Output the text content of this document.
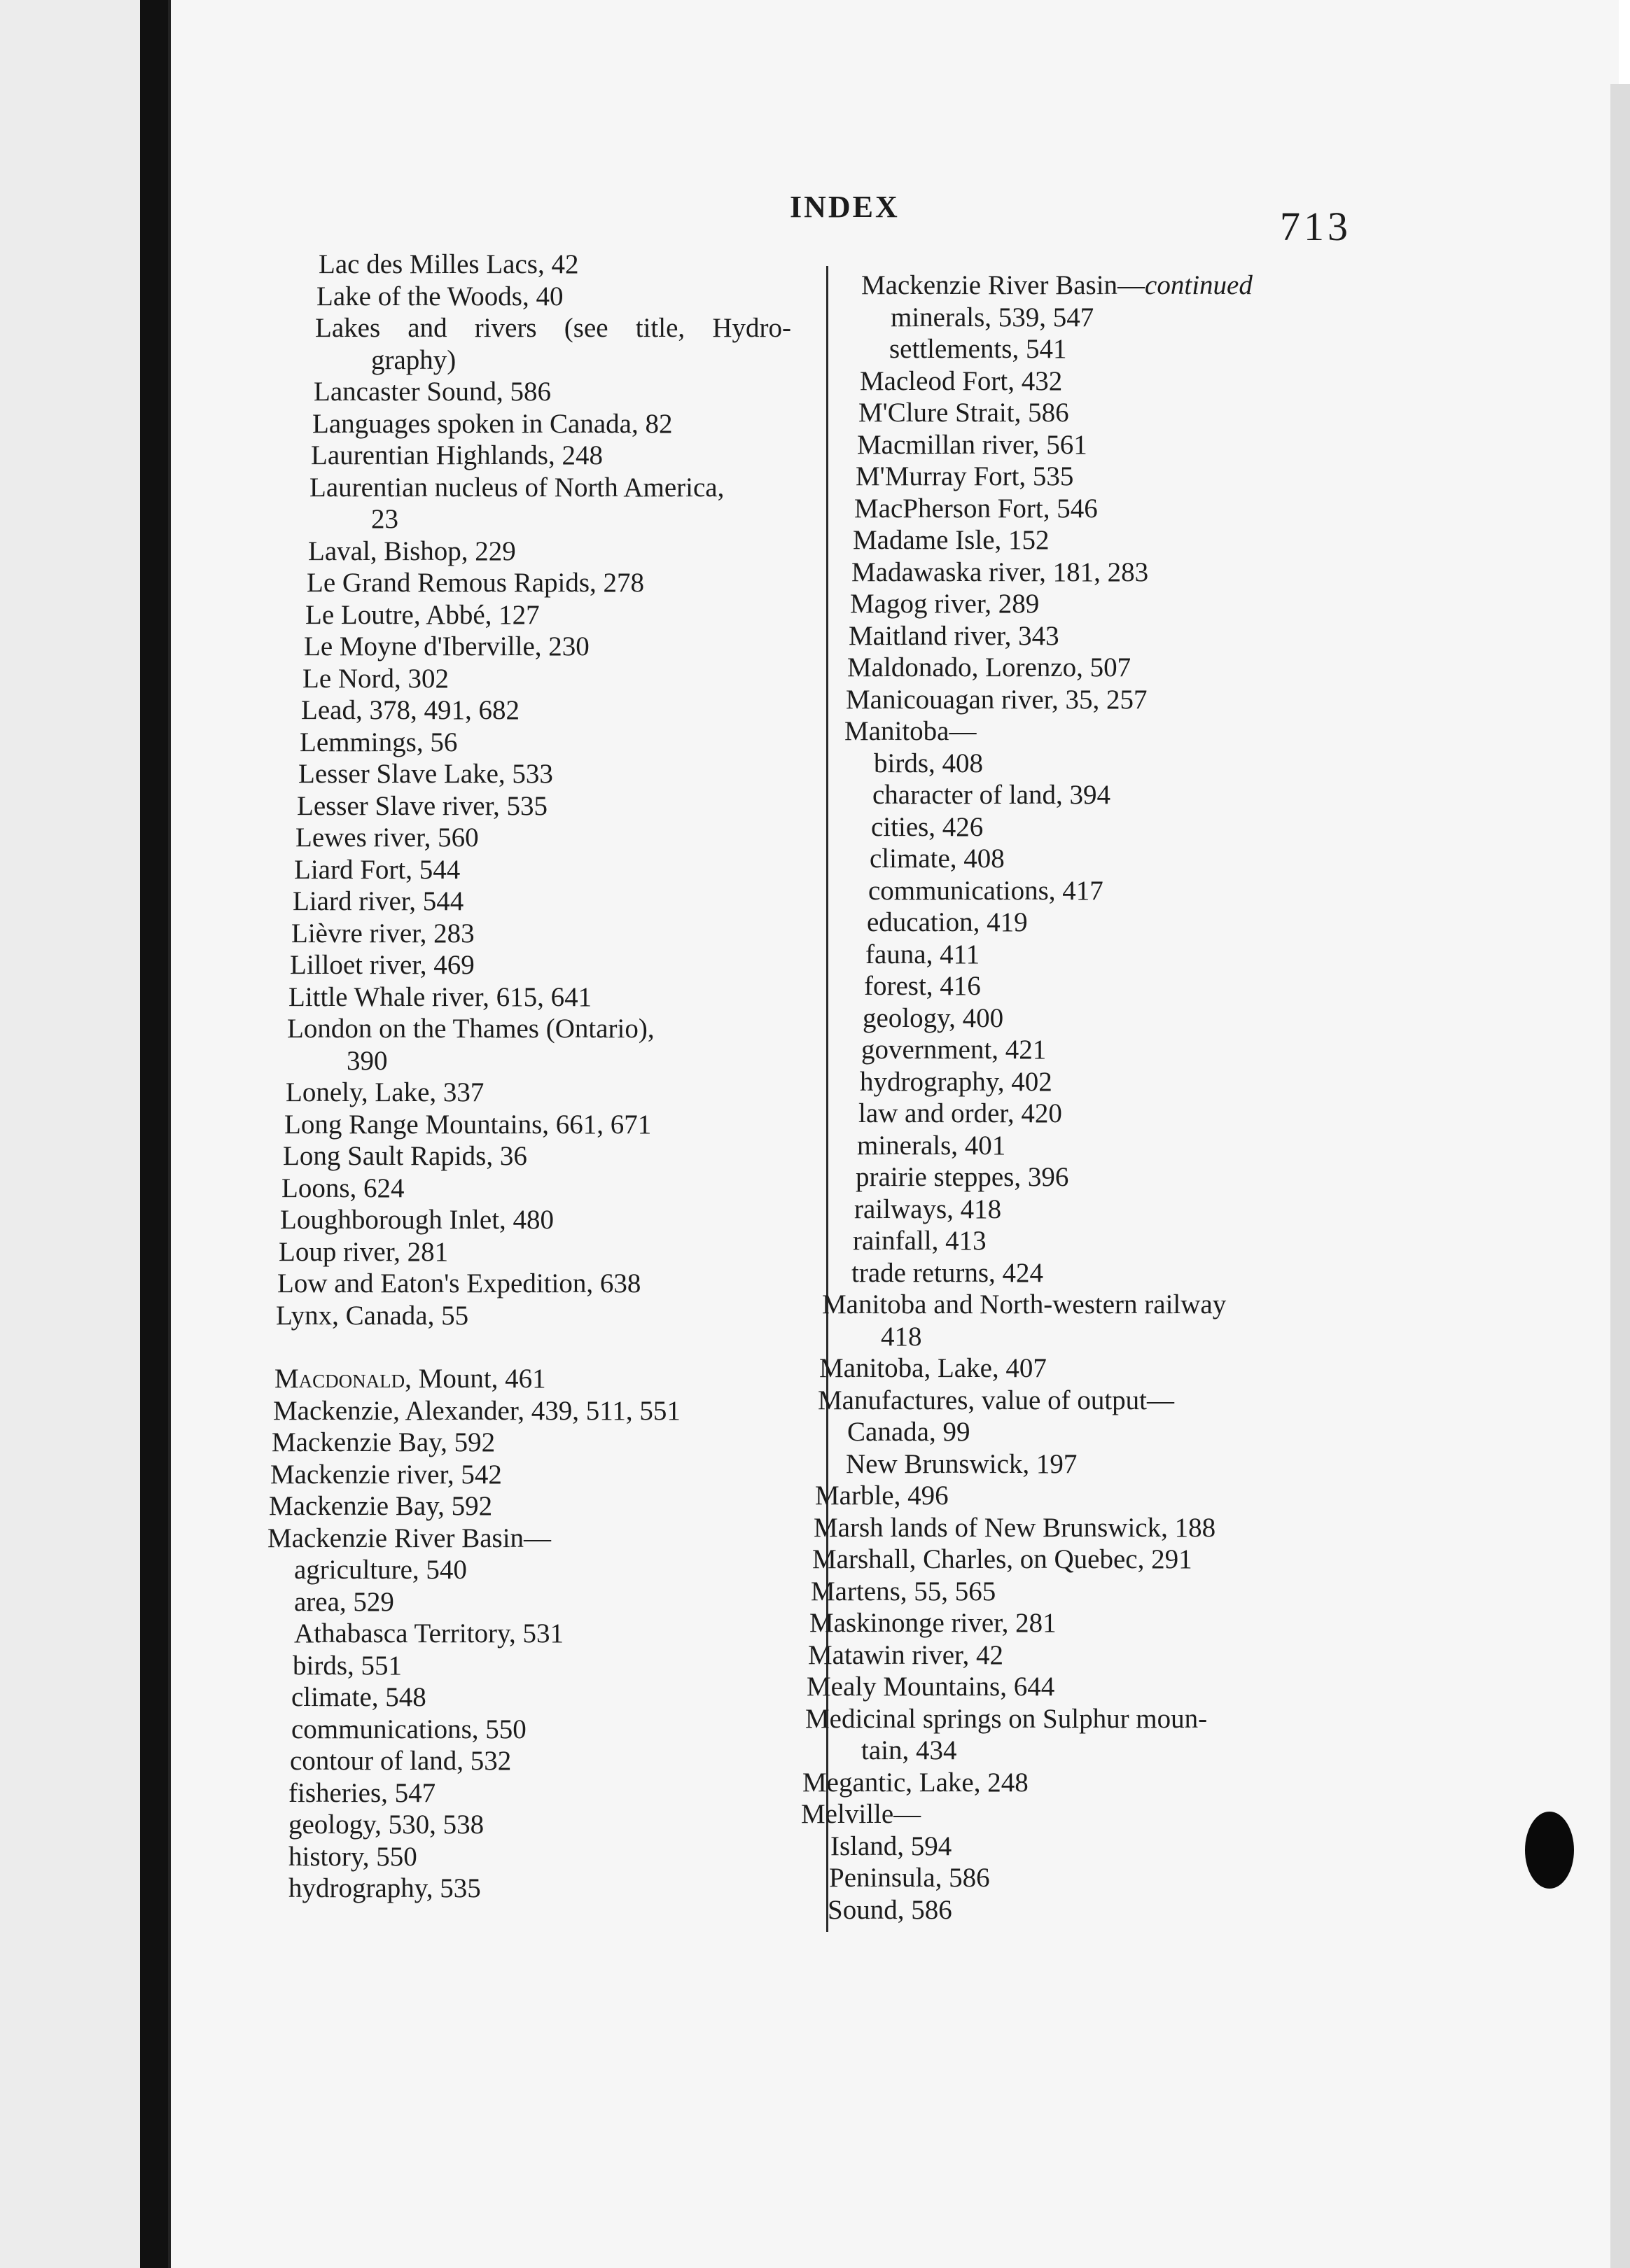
INDEX	713
Lac des Milles Lacs, 42
Lake of the Woods, 40
Lakes and rivers (see title, Hydro-
graphy)
Lancaster Sound, 586
Languages spoken in Canada, 82
Laurentian Highlands, 248
Laurentian nucleus of North America,
23
Laval, Bishop, 229
Le Grand Remous Rapids, 278
Le Loutre, Abbé, 127
Le Moyne d'Iberville, 230
Le Nord, 302
Lead, 378, 491, 682
Lemmings, 56
Lesser Slave Lake, 533
Lesser Slave river, 535
Lewes river, 560
Liard Fort, 544
Liard river, 544
Lièvre river, 283
Lilloet river, 469
Little Whale river, 615, 641
London on the Thames (Ontario),
390
Lonely, Lake, 337
Long Range Mountains, 661, 671
Long Sault Rapids, 36
Loons, 624
Loughborough Inlet, 480
Loup river, 281
Low and Eaton's Expedition, 638
Lynx, Canada, 55
Macdonald, Mount, 461
Mackenzie, Alexander, 439, 511, 551
Mackenzie Bay, 592
Mackenzie river, 542
Mackenzie Bay, 592
Mackenzie River Basin—
agriculture, 540
area, 529
Athabasca Territory, 531
birds, 551
climate, 548
communications, 550
contour of land, 532
fisheries, 547
geology, 530, 538
history, 550
hydrography, 535
Mackenzie River Basin—continued
minerals, 539, 547
settlements, 541
Macleod Fort, 432
M'Clure Strait, 586
Macmillan river, 561
M'Murray Fort, 535
MacPherson Fort, 546
Madame Isle, 152
Madawaska river, 181, 283
Magog river, 289
Maitland river, 343
Maldonado, Lorenzo, 507
Manicouagan river, 35, 257
Manitoba—
birds, 408
character of land, 394
cities, 426
climate, 408
communications, 417
education, 419
fauna, 411
forest, 416
geology, 400
government, 421
hydrography, 402
law and order, 420
minerals, 401
prairie steppes, 396
railways, 418
rainfall, 413
trade returns, 424
Manitoba and North-western railway
418
Manitoba, Lake, 407
Manufactures, value of output—
Canada, 99
New Brunswick, 197
Marble, 496
Marsh lands of New Brunswick, 188
Marshall, Charles, on Quebec, 291
Martens, 55, 565
Maskinonge river, 281
Matawin river, 42
Mealy Mountains, 644
Medicinal springs on Sulphur moun-
tain, 434
Megantic, Lake, 248
Melville—
Island, 594
Peninsula, 586
Sound, 586
